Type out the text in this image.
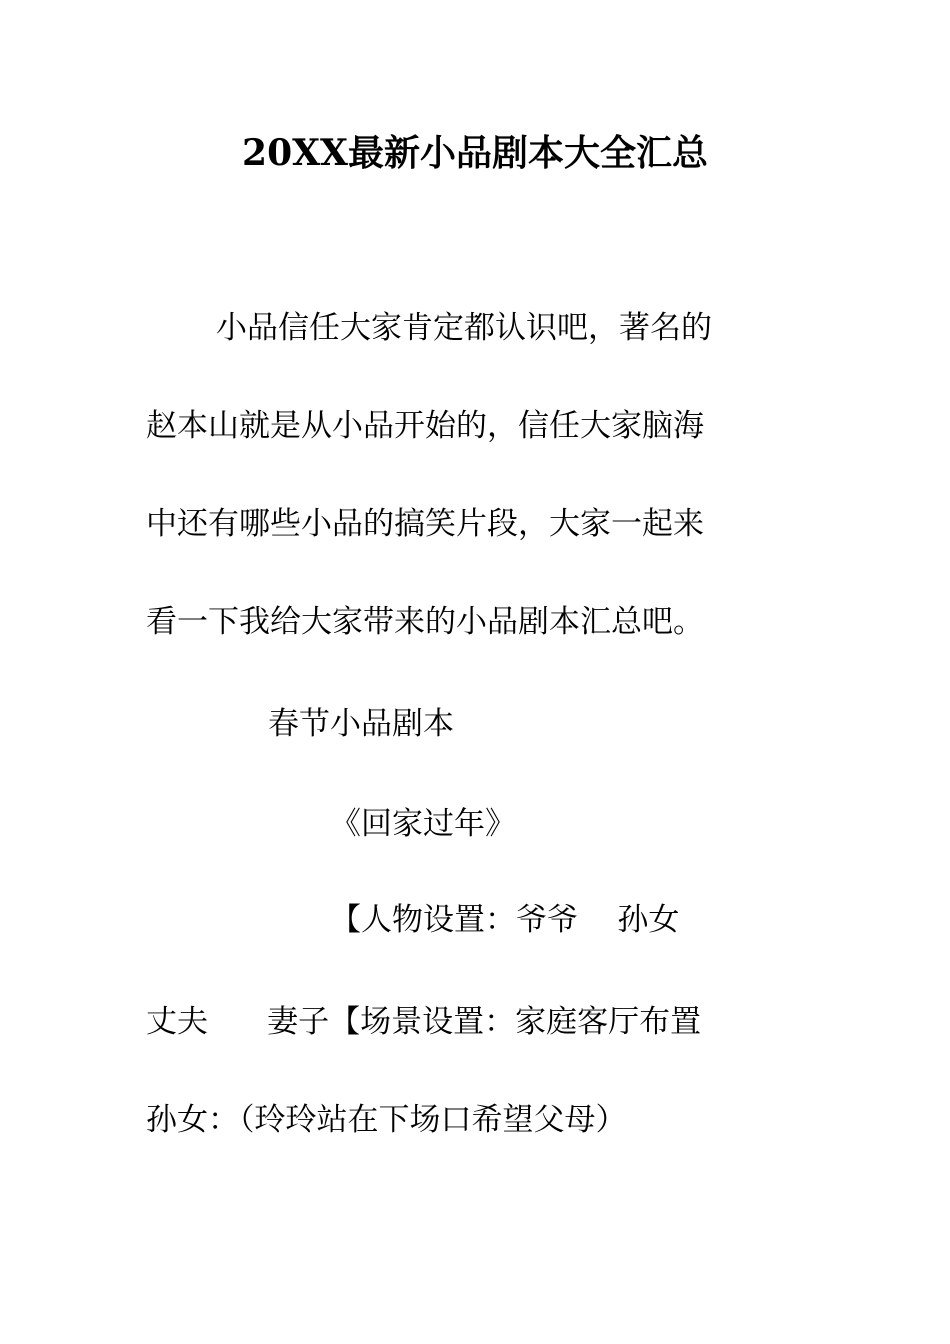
20XX最新小品剧本大全汇总
小品信任大家肯定都认识吧，著名的
赵本山就是从小品开始的，信任大家脑海
中还有哪些小品的搞笑片段，大家一起来
看一下我给大家带来的小品剧本汇总吧。
春节小品剧本
《回家过年》
【人物设置：爷爷    孙女
丈夫      妻子【场景设置：家庭客厅布置
孙女：（玲玲站在下场口希望父母）
